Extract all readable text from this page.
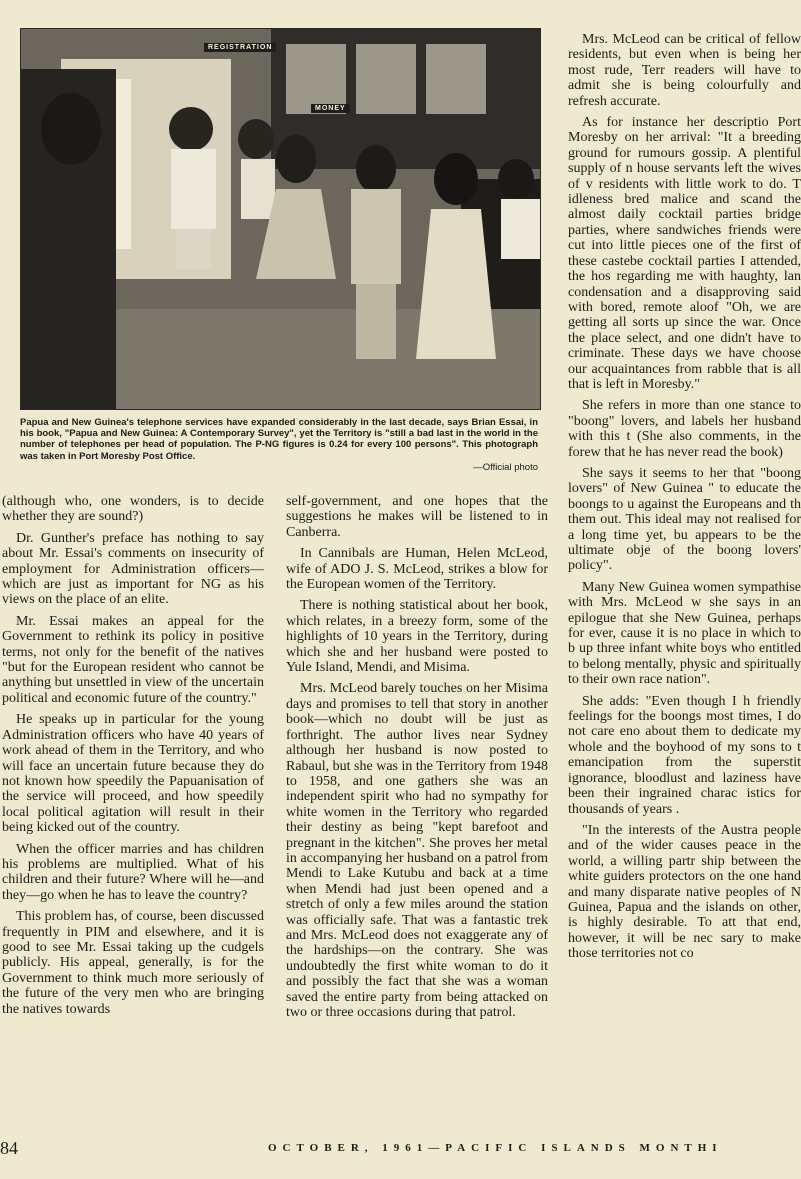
REGISTRATION
MONEY
Papua and New Guinea's telephone services have expanded considerably in the last decade, says Brian Essai, in his book, "Papua and New Guinea: A Contemporary Survey", yet the Territory is "still a bad last in the world in the number of telephones per head of population. The P-NG figures is 0.24 for every 100 persons". This photograph was taken in Port Moresby Post Office.
—Official photo

(although who, one wonders, is to decide whether they are sound?)

Dr. Gunther's preface has nothing to say about Mr. Essai's comments on insecurity of employment for Administration officers—which are just as important for NG as his views on the place of an elite.

Mr. Essai makes an appeal for the Government to rethink its policy in positive terms, not only for the benefit of the natives "but for the European resident who cannot be anything but unsettled in view of the uncertain political and economic future of the country."

He speaks up in particular for the young Administration officers who have 40 years of work ahead of them in the Territory, and who will face an uncertain future because they do not known how speedily the Papuanisation of the service will proceed, and how speedily local political agitation will result in their being kicked out of the country.

When the officer marries and has children his problems are multiplied. What of his children and their future? Where will he—and they—go when he has to leave the country?

This problem has, of course, been discussed frequently in PIM and elsewhere, and it is good to see Mr. Essai taking up the cudgels publicly. His appeal, generally, is for the Government to think much more seriously of the future of the very men who are bringing the natives towards

self-government, and one hopes that the suggestions he makes will be listened to in Canberra.

In Cannibals are Human, Helen McLeod, wife of ADO J. S. McLeod, strikes a blow for the European women of the Territory.

There is nothing statistical about her book, which relates, in a breezy form, some of the highlights of 10 years in the Territory, during which she and her husband were posted to Yule Island, Mendi, and Misima.

Mrs. McLeod barely touches on her Misima days and promises to tell that story in another book—which no doubt will be just as forthright. The author lives near Sydney although her husband is now posted to Rabaul, but she was in the Territory from 1948 to 1958, and one gathers she was an independent spirit who had no sympathy for white women in the Territory who regarded their destiny as being "kept barefoot and pregnant in the kitchen". She proves her metal in accompanying her husband on a patrol from Mendi to Lake Kutubu and back at a time when Mendi had just been opened and a stretch of only a few miles around the station was officially safe. That was a fantastic trek and Mrs. McLeod does not exaggerate any of the hardships—on the contrary. She was undoubtedly the first white woman to do it and possibly the fact that she was a woman saved the entire party from being attacked on two or three occasions during that patrol.

Mrs. McLeod can be critical of fellow residents, but even when is being her most rude, Terr readers will have to admit she is being colourfully and refresh accurate.

As for instance her descriptio Port Moresby on her arrival: "It a breeding ground for rumours gossip. A plentiful supply of n house servants left the wives of v residents with little work to do. T idleness bred malice and scand the almost daily cocktail parties bridge parties, where sandwiches friends were cut into little pieces one of the first of these castebe cocktail parties I attended, the hos regarding me with haughty, lan condensation and a disapproving said with bored, remote aloof "Oh, we are getting all sorts up since the war. Once the place select, and one didn't have to criminate. These days we have choose our acquaintances from rabble that is all that is left in Moresby."

She refers in more than one stance to "boong" lovers, and labels her husband with this t (She also comments, in the forew that he has never read the book)

She says it seems to her that "boong lovers" of New Guinea " to educate the boongs to u against the Europeans and th them out. This ideal may not realised for a long time yet, bu appears to be the ultimate obje of the boong lovers' policy".

Many New Guinea women sympathise with Mrs. McLeod w she says in an epilogue that she New Guinea, perhaps for ever, cause it is no place in which to b up three infant white boys who entitled to belong mentally, physic and spiritually to their own race nation".

She adds: "Even though I h friendly feelings for the boongs most times, I do not care eno about them to dedicate my whole and the boyhood of my sons to t emancipation from the superstit ignorance, bloodlust and laziness have been their ingrained charac istics for thousands of years .

"In the interests of the Austra people and of the wider causes peace in the world, a willing partr ship between the white guiders protectors on the one hand and many disparate native peoples of N Guinea, Papua and the islands on other, is highly desirable. To att that end, however, it will be nec sary to make those territories not co

84	OCTOBER, 1961—PACIFIC ISLANDS MONTHI
